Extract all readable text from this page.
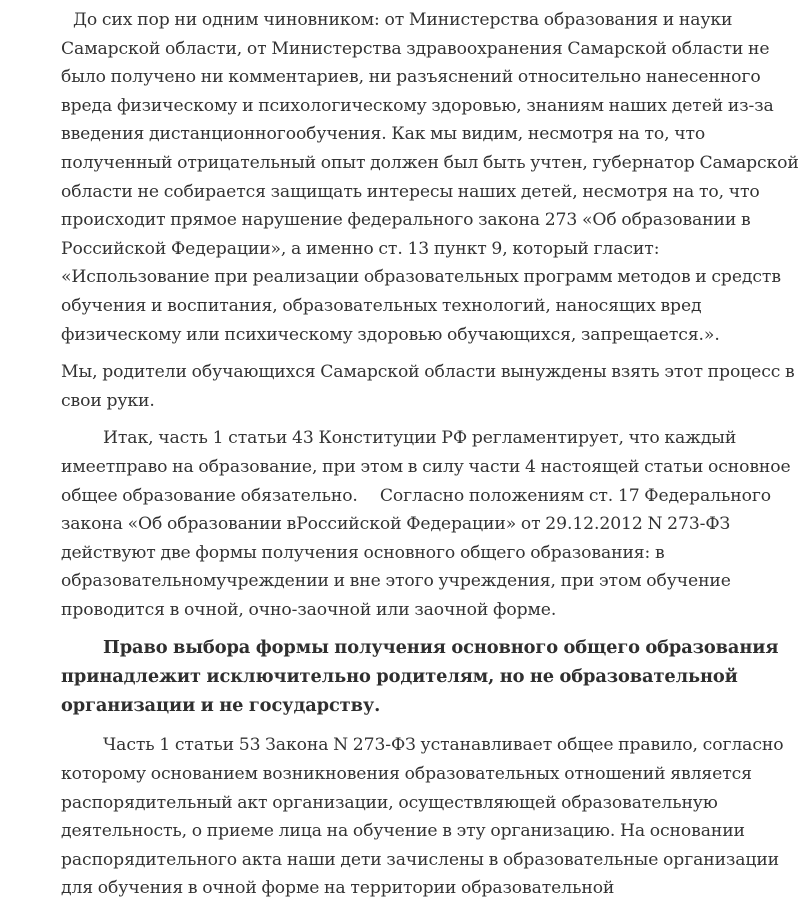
До сих пор ни одним чиновником: от Министерства образования и науки Самарской области, от Министерства здравоохранения Самарской области не было получено ни комментариев, ни разъяснений относительно нанесенного вреда физическому и психологическому здоровью, знаниям наших детей из-за введения дистанционногообучения. Как мы видим, несмотря на то, что полученный отрицательный опыт должен был быть учтен, губернатор Самарской области не собирается защищать интересы наших детей, несмотря на то, что происходит прямое нарушение федерального закона 273 «Об образовании в Российской Федерации», а именно ст. 13 пункт 9, который гласит: «Использование при реализации образовательных программ методов и средств обучения и воспитания, образовательных технологий, наносящих вред физическому или психическому здоровью обучающихся, запрещается.».

Мы, родители обучающихся Самарской области вынуждены взять этот процесс в свои руки.

Итак, часть 1 статьи 43 Конституции РФ регламентирует, что каждый имеетправо на образование, при этом в силу части 4 настоящей статьи основное общее образование обязательно. Согласно положениям ст. 17 Федерального закона «Об образовании вРоссийской Федерации» от 29.12.2012 N 273-ФЗ действуют две формы получения основного общего образования: в образовательномучреждении и вне этого учреждения, при этом обучение проводится в очной, очно-заочной или заочной форме.

Право выбора формы получения основного общего образования принадлежит исключительно родителям, но не образовательной организации и не государству.

Часть 1 статьи 53 Закона N 273-ФЗ устанавливает общее правило, согласно которому основанием возникновения образовательных отношений является распорядительный акт организации, осуществляющей образовательную деятельность, о приеме лица на обучение в эту организацию. На основании распорядительного акта наши дети зачислены в образовательные организации для обучения в очной форме на территории образовательной
